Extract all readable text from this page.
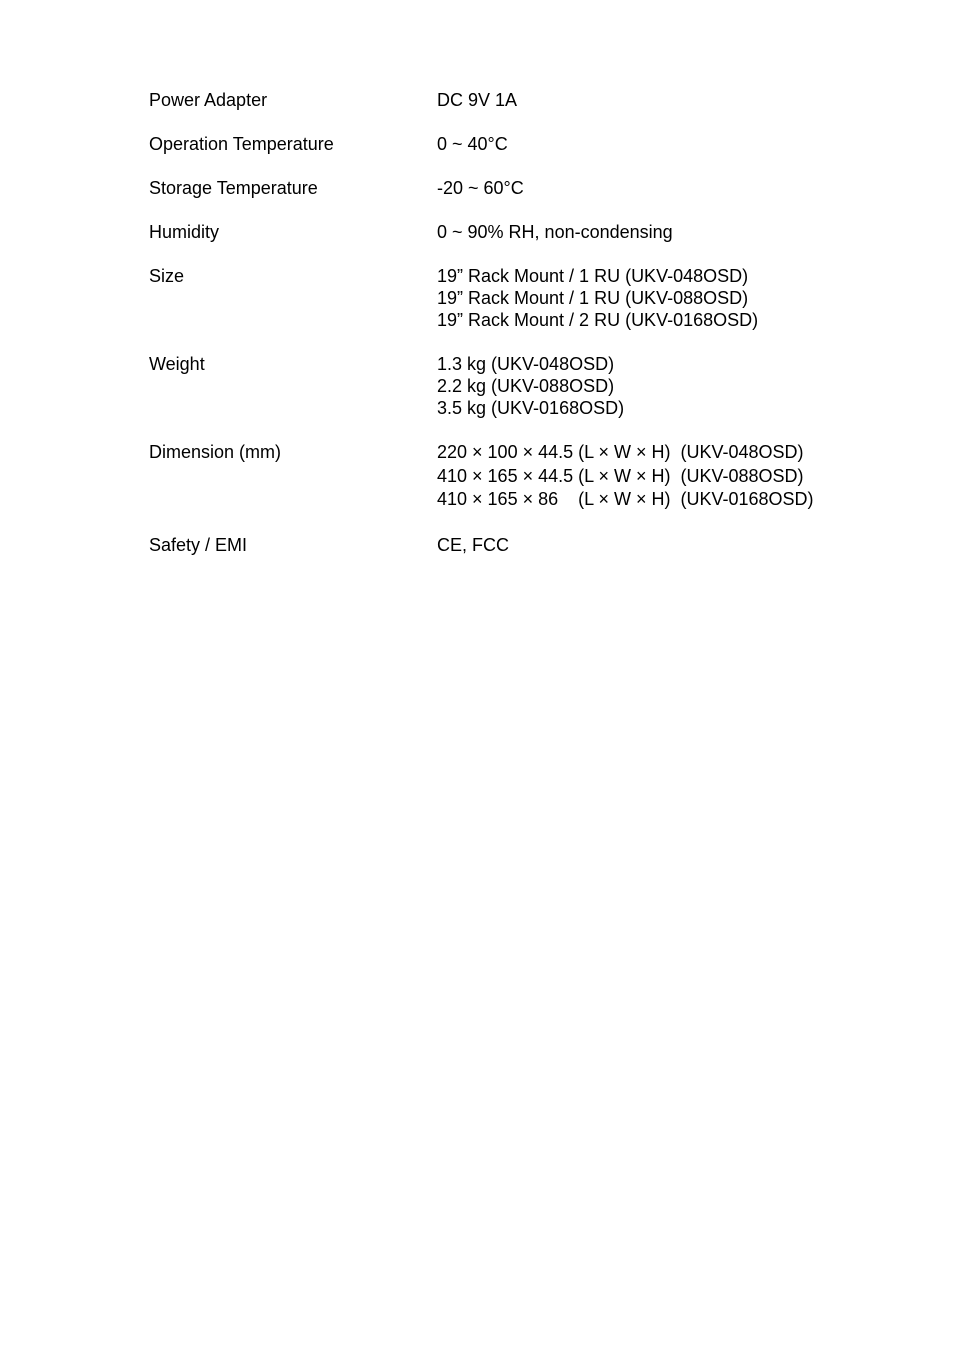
Power Adapter	DC 9V 1A
Operation Temperature	0 ~ 40°C
Storage Temperature	-20 ~ 60°C
Humidity	0 ~ 90% RH, non-condensing
Size	19” Rack Mount / 1 RU (UKV-048OSD)
19” Rack Mount / 1 RU (UKV-088OSD)
19” Rack Mount / 2 RU (UKV-0168OSD)
Weight	1.3 kg (UKV-048OSD)
2.2 kg (UKV-088OSD)
3.5 kg (UKV-0168OSD)
Dimension (mm)	220 × 100 × 44.5 (L × W × H)  (UKV-048OSD)
410 × 165 × 44.5 (L × W × H)  (UKV-088OSD)
410 × 165 × 86    (L × W × H)  (UKV-0168OSD)
Safety / EMI	CE, FCC
